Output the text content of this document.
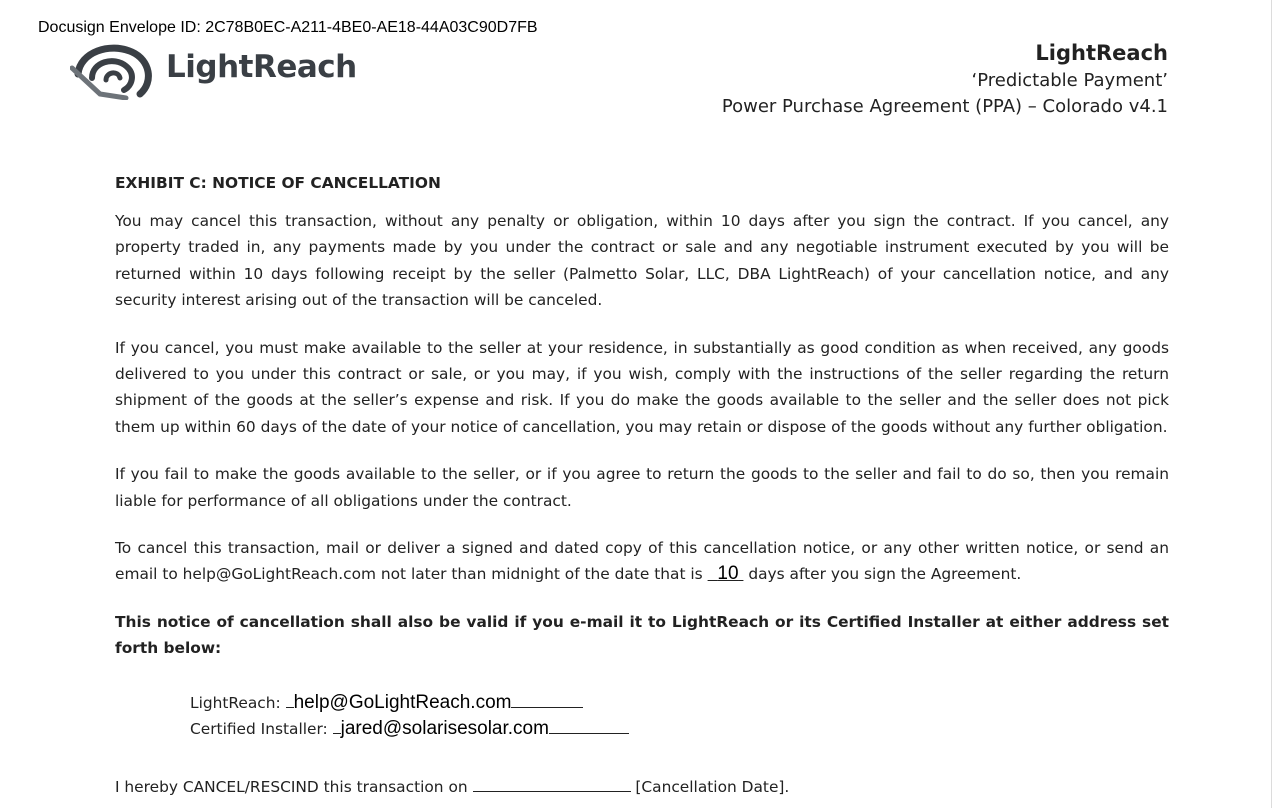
Docusign Envelope ID: 2C78B0EC-A211-4BE0-AE18-44A03C90D7FB
LightReach	LightReach
‘Predictable Payment’
Power Purchase Agreement (PPA) – Colorado v4.1
EXHIBIT C: NOTICE OF CANCELLATION

You may cancel this transaction, without any penalty or obligation, within 10 days after you sign the contract. If you cancel, any property traded in, any payments made by you under the contract or sale and any negotiable instrument executed by you will be returned within 10 days following receipt by the seller (Palmetto Solar, LLC, DBA LightReach) of your cancellation notice, and any security interest arising out of the transaction will be canceled.

If you cancel, you must make available to the seller at your residence, in substantially as good condition as when received, any goods delivered to you under this contract or sale, or you may, if you wish, comply with the instructions of the seller regarding the return shipment of the goods at the seller’s expense and risk. If you do make the goods available to the seller and the seller does not pick them up within 60 days of the date of your notice of cancellation, you may retain or dispose of the goods without any further obligation.

If you fail to make the goods available to the seller, or if you agree to return the goods to the seller and fail to do so, then you remain liable for performance of all obligations under the contract.

To cancel this transaction, mail or deliver a signed and dated copy of this cancellation notice, or any other written notice, or send an email to help@GoLightReach.com not later than midnight of the date that is   10  days after you sign the Agreement.

This notice of cancellation shall also be valid if you e-mail it to LightReach or its Certified Installer at either address set forth below:

LightReach: help@GoLightReach.com
Certified Installer: jared@solarisesolar.com
I hereby CANCEL/RESCIND this transaction on	[Cancellation Date].
